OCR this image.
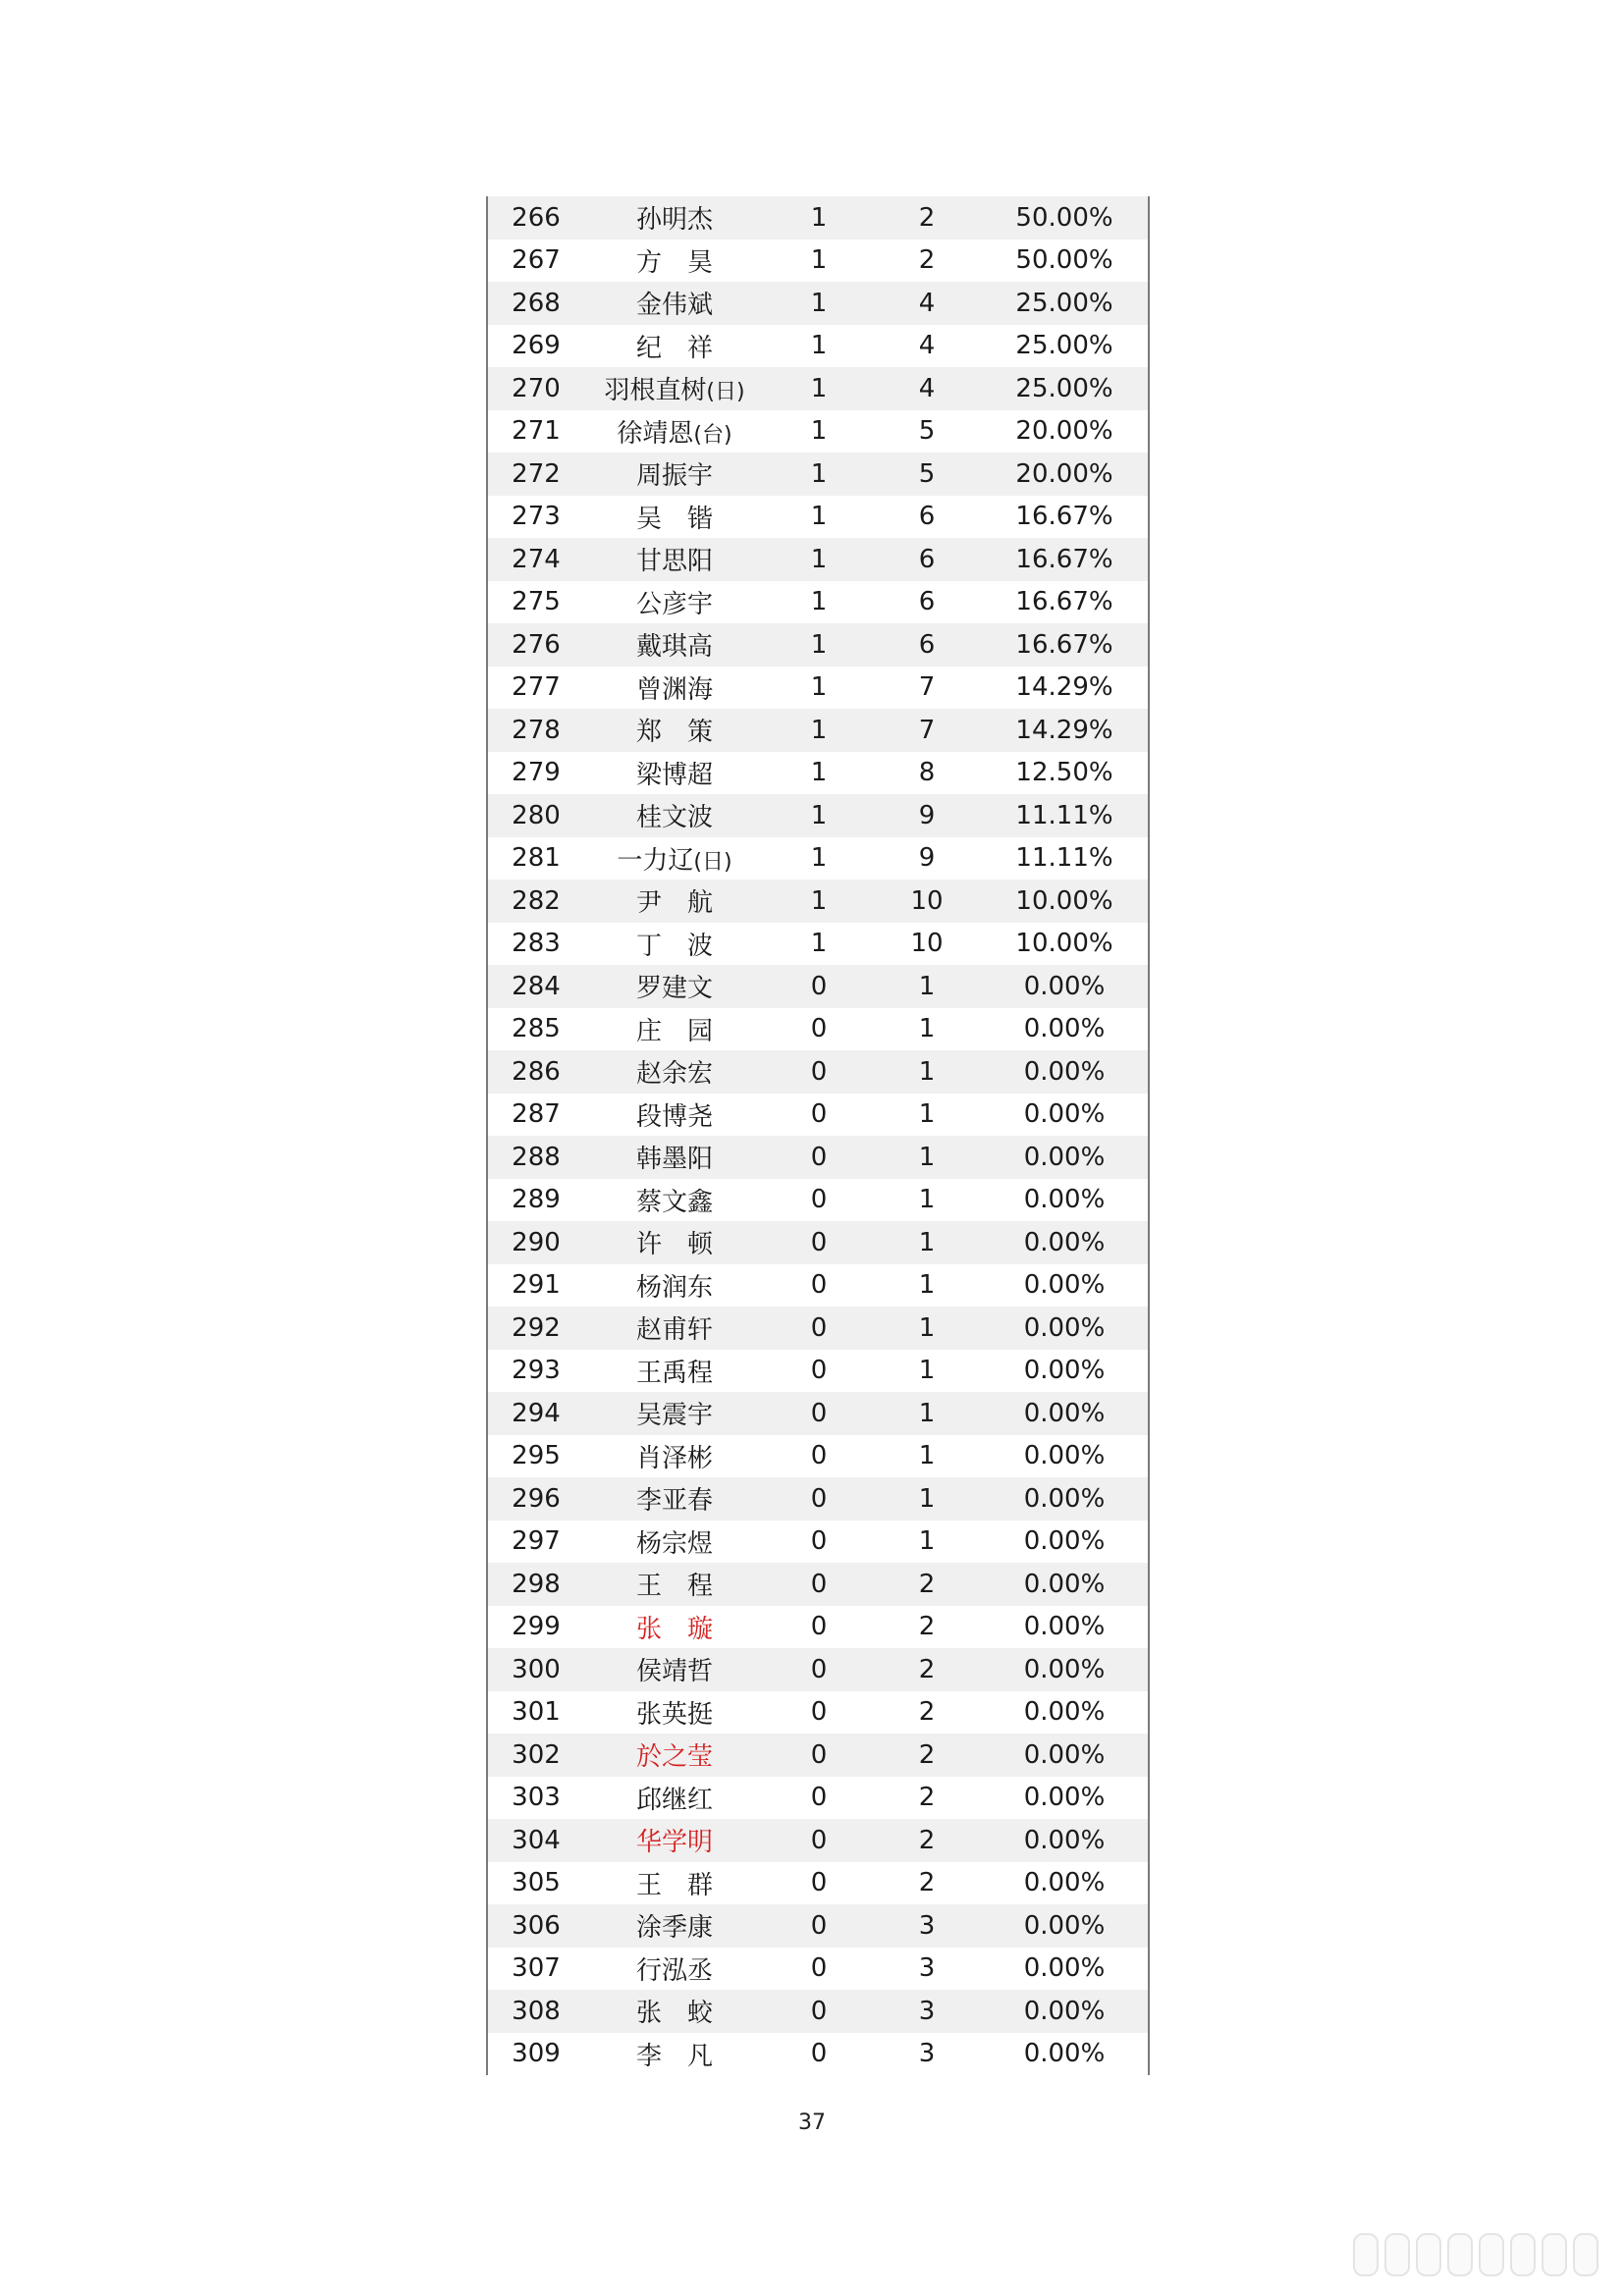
266	孙明杰	1	2	50.00%
267	方　昊	1	2	50.00%
268	金伟斌	1	4	25.00%
269	纪　祥	1	4	25.00%
270	羽根直树(日)	1	4	25.00%
271	徐靖恩(台)	1	5	20.00%
272	周振宇	1	5	20.00%
273	吴　锴	1	6	16.67%
274	甘思阳	1	6	16.67%
275	公彦宇	1	6	16.67%
276	戴琪高	1	6	16.67%
277	曾渊海	1	7	14.29%
278	郑　策	1	7	14.29%
279	梁博超	1	8	12.50%
280	桂文波	1	9	11.11%
281	一力辽(日)	1	9	11.11%
282	尹　航	1	10	10.00%
283	丁　波	1	10	10.00%
284	罗建文	0	1	0.00%
285	庄　园	0	1	0.00%
286	赵余宏	0	1	0.00%
287	段博尧	0	1	0.00%
288	韩墨阳	0	1	0.00%
289	蔡文鑫	0	1	0.00%
290	许　顿	0	1	0.00%
291	杨润东	0	1	0.00%
292	赵甫轩	0	1	0.00%
293	王禹程	0	1	0.00%
294	吴震宇	0	1	0.00%
295	肖泽彬	0	1	0.00%
296	李亚春	0	1	0.00%
297	杨宗煜	0	1	0.00%
298	王　程	0	2	0.00%
299	张　璇	0	2	0.00%
300	侯靖哲	0	2	0.00%
301	张英挺	0	2	0.00%
302	於之莹	0	2	0.00%
303	邱继红	0	2	0.00%
304	华学明	0	2	0.00%
305	王　群	0	2	0.00%
306	涂季康	0	3	0.00%
307	行泓丞	0	3	0.00%
308	张　蛟	0	3	0.00%
309	李　凡	0	3	0.00%
37
